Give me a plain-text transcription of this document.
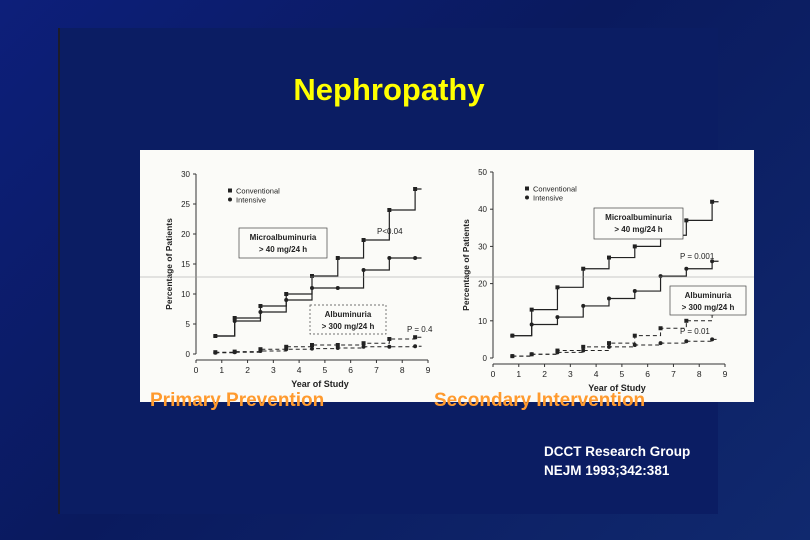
Nephropathy
0
5
10
15
20
25
30
0 1 2 3 4 5 6 7 8 9
Year of Study
Percentage of Patients
Conventional
Intensive
Microalbuminuria
> 40 mg/24 h
Albuminuria
> 300 mg/24 h
P<0.04
P = 0.4
0
10
20
30
40
50
0 1 2 3 4 5 6 7 8 9
Year of Study
Percentage of Patients
Conventional
Intensive
Microalbuminuria
> 40 mg/24 h
Albuminuria
> 300 mg/24 h
P = 0.001
P = 0.01
Primary Prevention	Secondary Intervention
DCCT Research Group
NEJM 1993;342:381
